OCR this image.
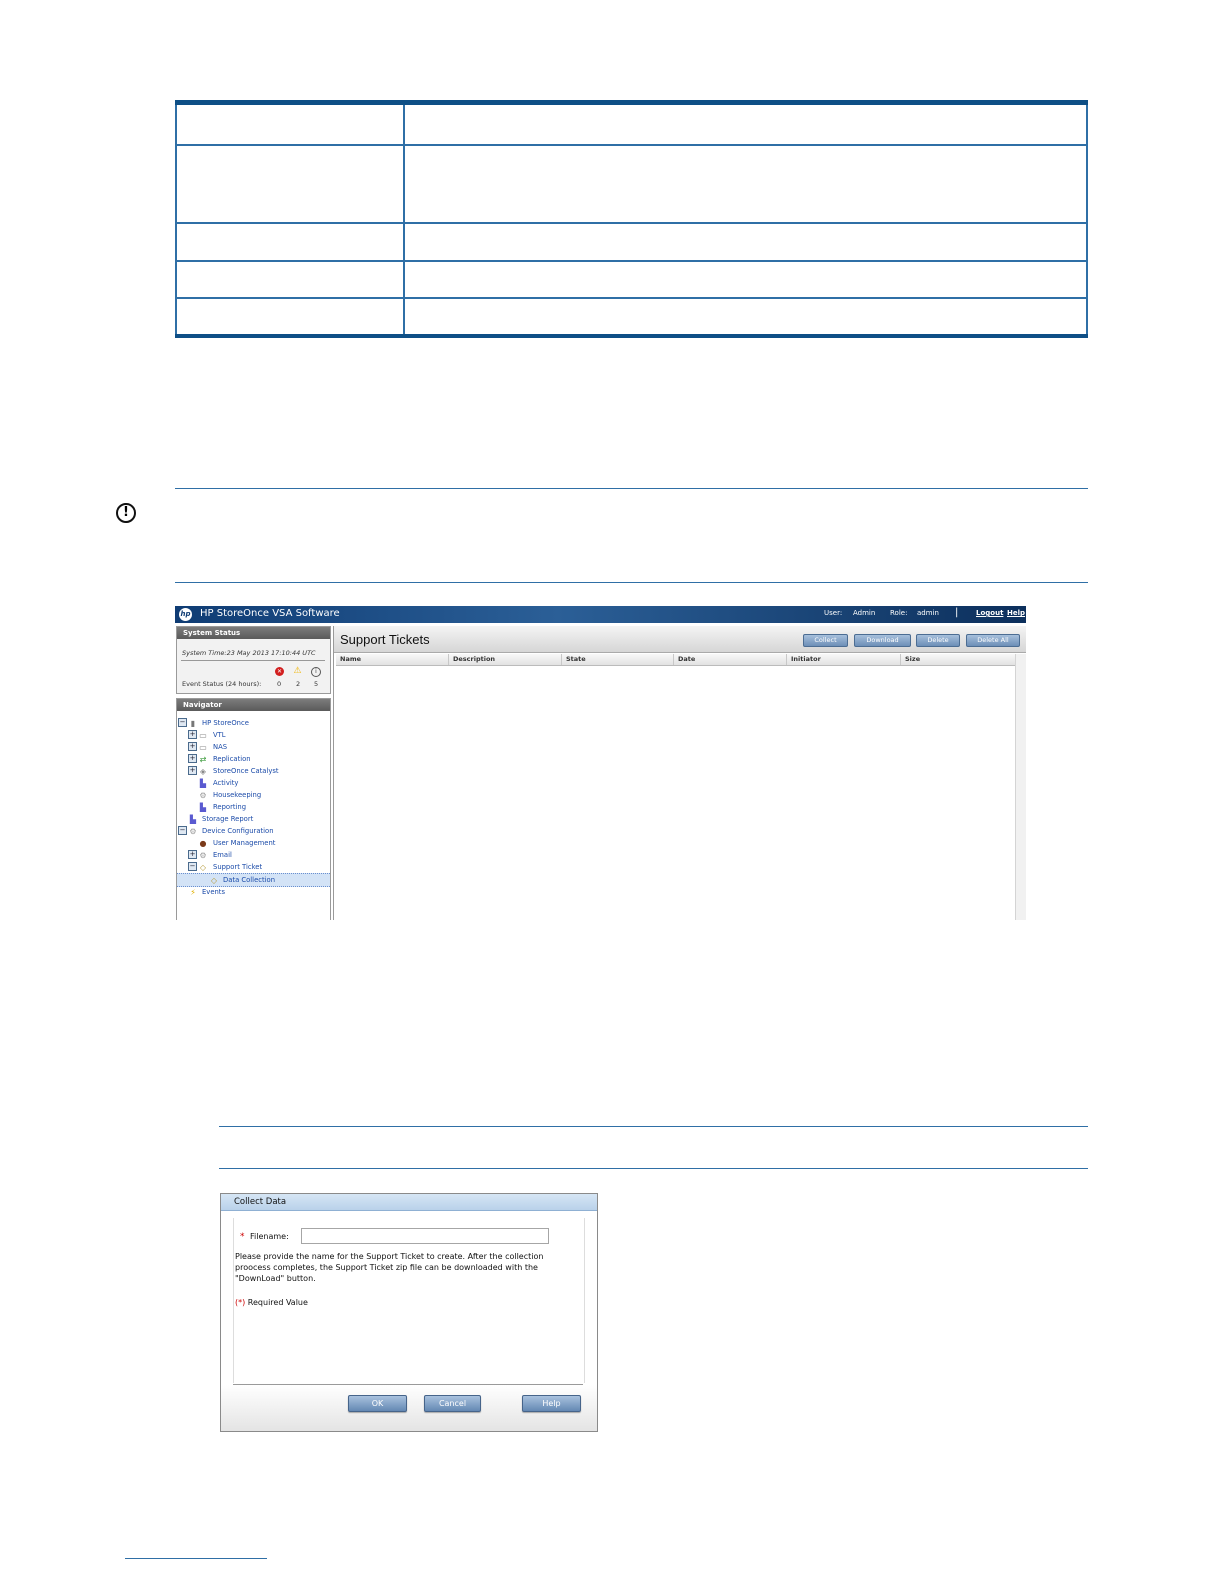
!
hp HP StoreOnce VSA Software	User: Admin Role: admin |	Logout Help
System Status
System Time:23 May 2013 17:10:44 UTC
Event Status (24 hours):
✕ ⚠	i
0 2 5
Navigator
− ▮ HP StoreOnce
+ ▭ VTL
+ ▭ NAS
+ ⇄ Replication
+ ◈ StoreOnce Catalyst
▙ Activity
⚙ Housekeeping
▙ Reporting
▙ Storage Report
− ⚙ Device Configuration
● User Management
+ ⚙ Email
− ◇ Support Ticket
◇ Data Collection
⚡ Events
Support Tickets	Collect	Download	Delete	Delete All
Name	Description	State	Date	Initiator	Size
Collect Data
* Filename:
Please provide the name for the Support Ticket to create. After the collection proocess completes, the Support Ticket zip file can be downloaded with the "DownLoad" button.
(*) Required Value
OK	Cancel	Help
